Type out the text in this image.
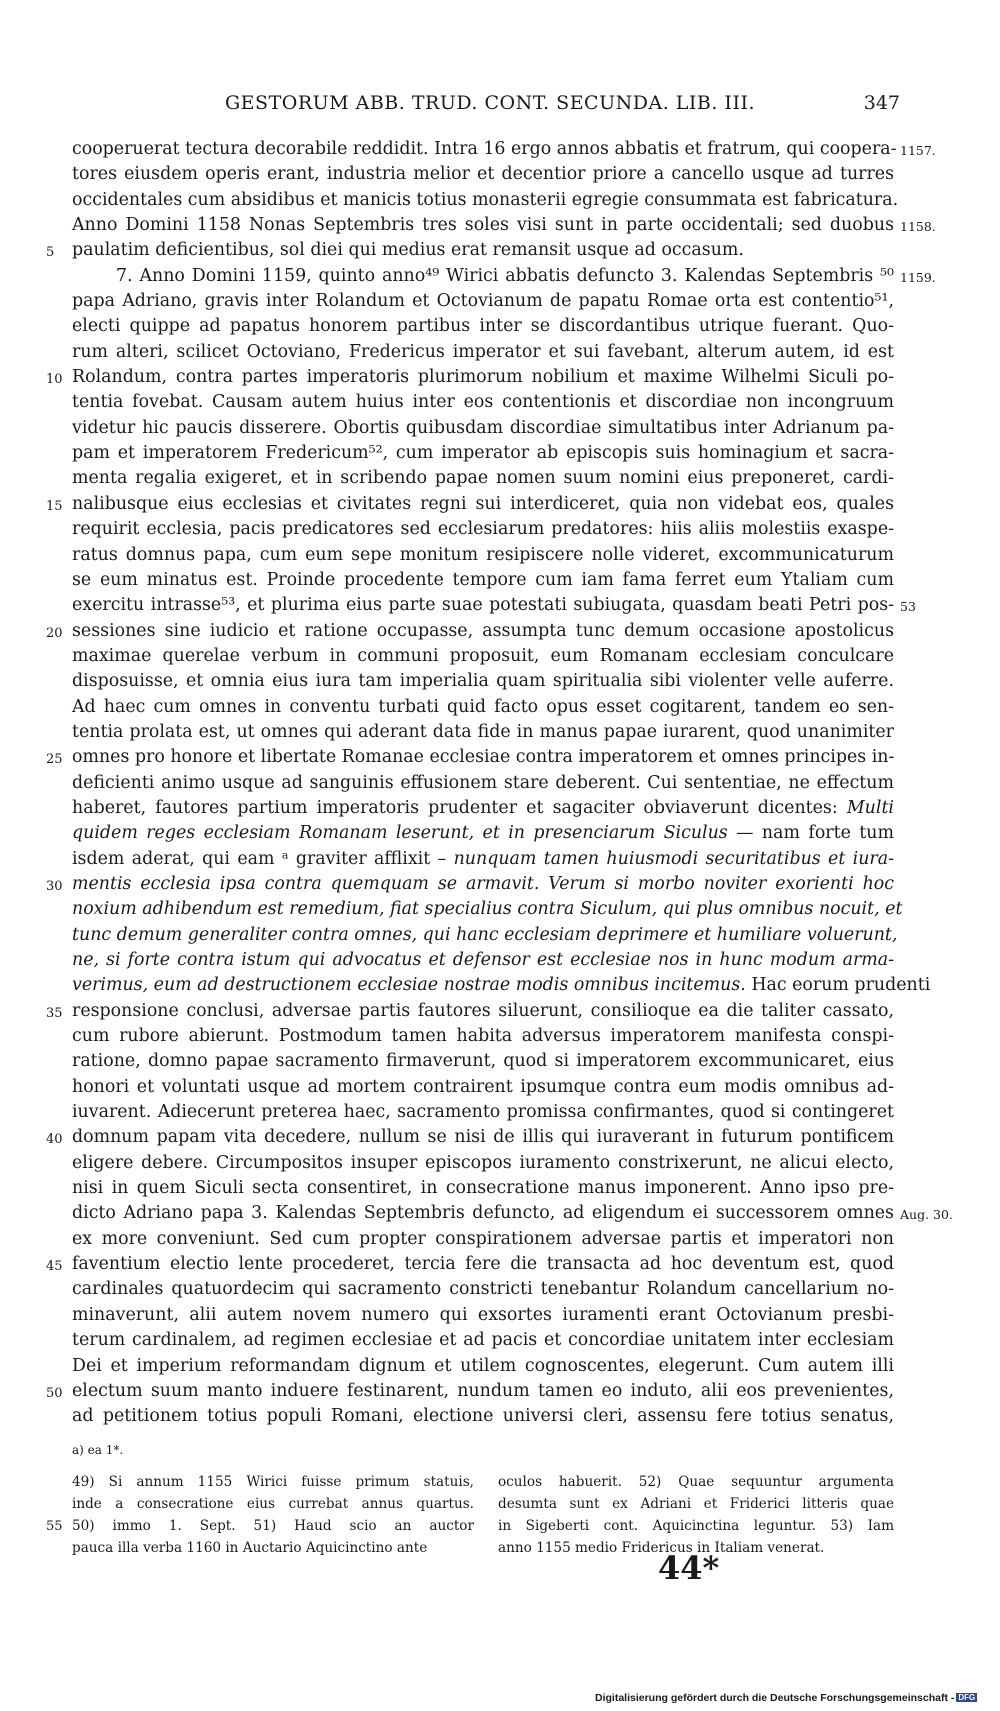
GESTORUM ABB. TRUD. CONT. SECUNDA. LIB. III.	347
cooperuerat tectura decorabile reddidit. Intra 16 ergo annos abbatis et fratrum, qui coopera- 1157.
tores eiusdem operis erant, industria melior et decentior priore a cancello usque ad turres
occidentales cum absidibus et manicis totius monasterii egregie consummata est fabricatura.
Anno Domini 1158 Nonas Septembris tres soles visi sunt in parte occidentali; sed duobus 1158.
5	paulatim deficientibus, sol diei qui medius erat remansit usque ad occasum.
7. Anno Domini 1159, quinto anno⁴⁹ Wirici abbatis defuncto 3. Kalendas Septembris ⁵⁰ 1159.
papa Adriano, gravis inter Rolandum et Octovianum de papatu Romae orta est contentio⁵¹,
electi quippe ad papatus honorem partibus inter se discordantibus utrique fuerant. Quo-
rum alteri, scilicet Octoviano, Fredericus imperator et sui favebant, alterum autem, id est
10 Rolandum, contra partes imperatoris plurimorum nobilium et maxime Wilhelmi Siculi po-
tentia fovebat. Causam autem huius inter eos contentionis et discordiae non incongruum
videtur hic paucis disserere. Obortis quibusdam discordiae simultatibus inter Adrianum pa-
pam et imperatorem Fredericum⁵², cum imperator ab episcopis suis hominagium et sacra-
menta regalia exigeret, et in scribendo papae nomen suum nomini eius preponeret, cardi-
15 nalibusque eius ecclesias et civitates regni sui interdiceret, quia non videbat eos, quales
requirit ecclesia, pacis predicatores sed ecclesiarum predatores: hiis aliis molestiis exaspe-
ratus domnus papa, cum eum sepe monitum resipiscere nolle videret, excommunicaturum
se eum minatus est. Proinde procedente tempore cum iam fama ferret eum Ytaliam cum
exercitu intrasse⁵³, et plurima eius parte suae potestati subiugata, quasdam beati Petri pos- 53
20 sessiones sine iudicio et ratione occupasse, assumpta tunc demum occasione apostolicus
maximae querelae verbum in communi proposuit, eum Romanam ecclesiam conculcare
disposuisse, et omnia eius iura tam imperialia quam spiritualia sibi violenter velle auferre.
Ad haec cum omnes in conventu turbati quid facto opus esset cogitarent, tandem eo sen-
tentia prolata est, ut omnes qui aderant data fide in manus papae iurarent, quod unanimiter
25 omnes pro honore et libertate Romanae ecclesiae contra imperatorem et omnes principes in-
deficienti animo usque ad sanguinis effusionem stare deberent. Cui sententiae, ne effectum
haberet, fautores partium imperatoris prudenter et sagaciter obviaverunt dicentes: Multi
quidem reges ecclesiam Romanam leserunt, et in presenciarum Siculus — nam forte tum
isdem aderat, qui eam ᵃ graviter afflixit – nunquam tamen huiusmodi securitatibus et iura-
30 mentis ecclesia ipsa contra quemquam se armavit. Verum si morbo noviter exorienti hoc
noxium adhibendum est remedium, fiat specialius contra Siculum, qui plus omnibus nocuit, et
tunc demum generaliter contra omnes, qui hanc ecclesiam deprimere et humiliare voluerunt,
ne, si forte contra istum qui advocatus et defensor est ecclesiae nos in hunc modum arma-
verimus, eum ad destructionem ecclesiae nostrae modis omnibus incitemus. Hac eorum prudenti
35 responsione conclusi, adversae partis fautores siluerunt, consilioque ea die taliter cassato,
cum rubore abierunt. Postmodum tamen habita adversus imperatorem manifesta conspi-
ratione, domno papae sacramento firmaverunt, quod si imperatorem excommunicaret, eius
honori et voluntati usque ad mortem contrairent ipsumque contra eum modis omnibus ad-
iuvarent. Adiecerunt preterea haec, sacramento promissa confirmantes, quod si contingeret
40 domnum papam vita decedere, nullum se nisi de illis qui iuraverant in futurum pontificem
eligere debere. Circumpositos insuper episcopos iuramento constrixerunt, ne alicui electo,
nisi in quem Siculi secta consentiret, in consecratione manus imponerent. Anno ipso pre-
dicto Adriano papa 3. Kalendas Septembris defuncto, ad eligendum ei successorem omnes Aug. 30.
ex more conveniunt. Sed cum propter conspirationem adversae partis et imperatori non
45 faventium electio lente procederet, tercia fere die transacta ad hoc deventum est, quod
cardinales quatuordecim qui sacramento constricti tenebantur Rolandum cancellarium no-
minaverunt, alii autem novem numero qui exsortes iuramenti erant Octovianum presbi-
terum cardinalem, ad regimen ecclesiae et ad pacis et concordiae unitatem inter ecclesiam
Dei et imperium reformandam dignum et utilem cognoscentes, elegerunt. Cum autem illi
50 electum suum manto induere festinarent, nundum tamen eo induto, alii eos prevenientes,
ad petitionem totius populi Romani, electione universi cleri, assensu fere totius senatus,
a) ea 1*.
49) Si annum 1155 Wirici fuisse primum statuis, oculos habuerit. 52) Quae sequuntur argumenta
inde a consecratione eius currebat annus quartus. desumta sunt ex Adriani et Friderici litteris quae
55 50) immo 1. Sept. 51) Haud scio an auctor in Sigeberti cont. Aquicinctina leguntur. 53) Iam
pauca illa verba 1160 in Auctario Aquicinctino ante	anno 1155 medio Fridericus in Italiam venerat.
44*
Digitalisierung gefördert durch die Deutsche Forschungsgemeinschaft - DFG
